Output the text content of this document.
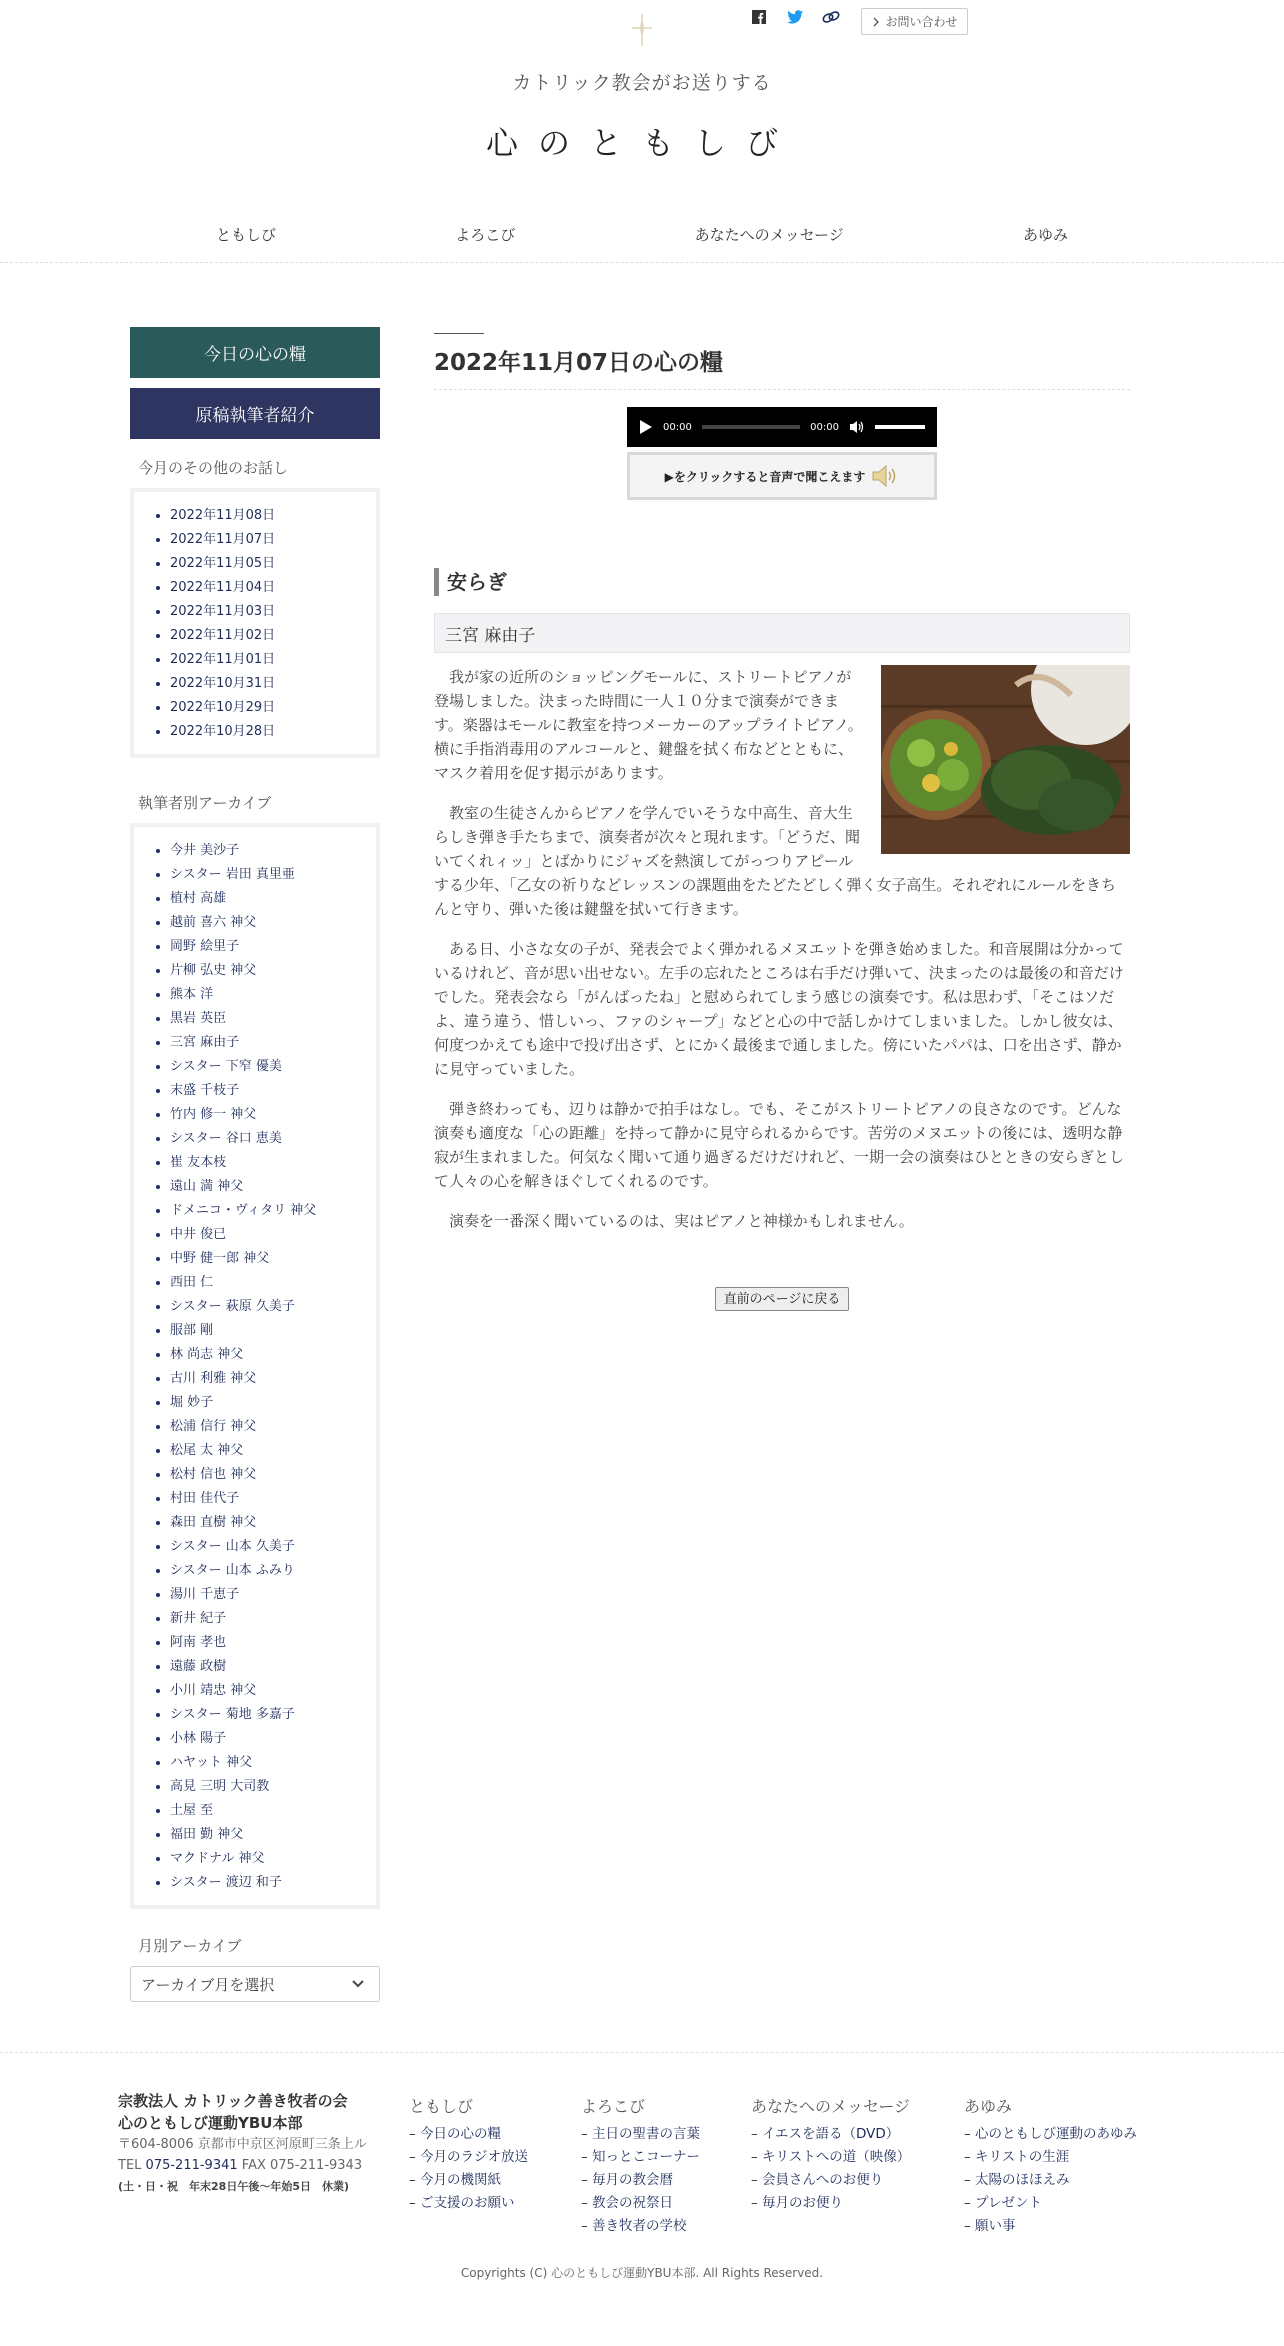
お問い合わせ
カトリック教会がお送りする
心のともしび
ともしび	よろこび	あなたへのメッセージ	あゆみ
今日の心の糧
原稿執筆者紹介
今月のその他のお話し
• 2022年11月08日
• 2022年11月07日
• 2022年11月05日
• 2022年11月04日
• 2022年11月03日
• 2022年11月02日
• 2022年11月01日
• 2022年10月31日
• 2022年10月29日
• 2022年10月28日
執筆者別アーカイブ
• 今井 美沙子
• シスター 岩田 真里亜
• 植村 高雄
• 越前 喜六 神父
• 岡野 絵里子
• 片柳 弘史 神父
• 熊本 洋
• 黒岩 英臣
• 三宮 麻由子
• シスター 下窄 優美
• 末盛 千枝子
• 竹内 修一 神父
• シスター 谷口 恵美
• 崔 友本枝
• 遠山 満 神父
• ドメニコ・ヴィタリ 神父
• 中井 俊已
• 中野 健一郎 神父
• 西田 仁
• シスター 萩原 久美子
• 服部 剛
• 林 尚志 神父
• 古川 利雅 神父
• 堀 妙子
• 松浦 信行 神父
• 松尾 太 神父
• 松村 信也 神父
• 村田 佳代子
• 森田 直樹 神父
• シスター 山本 久美子
• シスター 山本 ふみり
• 湯川 千恵子
• 新井 紀子
• 阿南 孝也
• 遠藤 政樹
• 小川 靖忠 神父
• シスター 菊地 多嘉子
• 小林 陽子
• ハヤット 神父
• 高見 三明 大司教
• 土屋 至
• 福田 勤 神父
• マクドナル 神父
• シスター 渡辺 和子
月別アーカイブ
アーカイブ月を選択
2022年11月07日の心の糧
00:00	00:00
▶をクリックすると音声で聞こえます
安らぎ
三宮 麻由子

我が家の近所のショッピングモールに、ストリートピアノが登場しました。決まった時間に一人１０分まで演奏ができます。楽器はモールに教室を持つメーカーのアップライトピアノ。横に手指消毒用のアルコールと、鍵盤を拭く布などとともに、マスク着用を促す掲示があります。

教室の生徒さんからピアノを学んでいそうな中高生、音大生らしき弾き手たちまで、演奏者が次々と現れます。「どうだ、聞いてくれィッ」とばかりにジャズを熱演してがっつりアピールする少年、「乙女の祈りなどレッスンの課題曲をたどたどしく弾く女子高生。それぞれにルールをきちんと守り、弾いた後は鍵盤を拭いて行きます。

ある日、小さな女の子が、発表会でよく弾かれるメヌエットを弾き始めました。和音展開は分かっているけれど、音が思い出せない。左手の忘れたところは右手だけ弾いて、決まったのは最後の和音だけでした。発表会なら「がんばったね」と慰められてしまう感じの演奏です。私は思わず、「そこはソだよ、違う違う、惜しいっ、ファのシャープ」などと心の中で話しかけてしまいました。しかし彼女は、何度つかえても途中で投げ出さず、とにかく最後まで通しました。傍にいたパパは、口を出さず、静かに見守っていました。

弾き終わっても、辺りは静かで拍手はなし。でも、そこがストリートピアノの良さなのです。どんな演奏も適度な「心の距離」を持って静かに見守られるからです。苦労のメヌエットの後には、透明な静寂が生まれました。何気なく聞いて通り過ぎるだけだけれど、一期一会の演奏はひとときの安らぎとして人々の心を解きほぐしてくれるのです。

演奏を一番深く聞いているのは、実はピアノと神様かもしれません。

直前のページに戻る
宗教法人 カトリック善き牧者の会
心のともしび運動YBU本部
〒604-8006 京都市中京区河原町三条上ル
TEL 075-211-9341 FAX 075-211-9343
(土・日・祝　年末28日午後〜年始5日　休業)
ともしび
– 今日の心の糧
– 今月のラジオ放送
– 今月の機関紙
– ご支援のお願い
よろこび
– 主日の聖書の言葉
– 知っとこコーナー
– 毎月の教会暦
– 教会の祝祭日
– 善き牧者の学校
あなたへのメッセージ
– イエスを語る（DVD）
– キリストへの道（映像）
– 会員さんへのお便り
– 毎月のお便り
あゆみ
– 心のともしび運動のあゆみ
– キリストの生涯
– 太陽のほほえみ
– プレゼント
– 願い事
Copyrights (C) 心のともしび運動YBU本部. All Rights Reserved.
